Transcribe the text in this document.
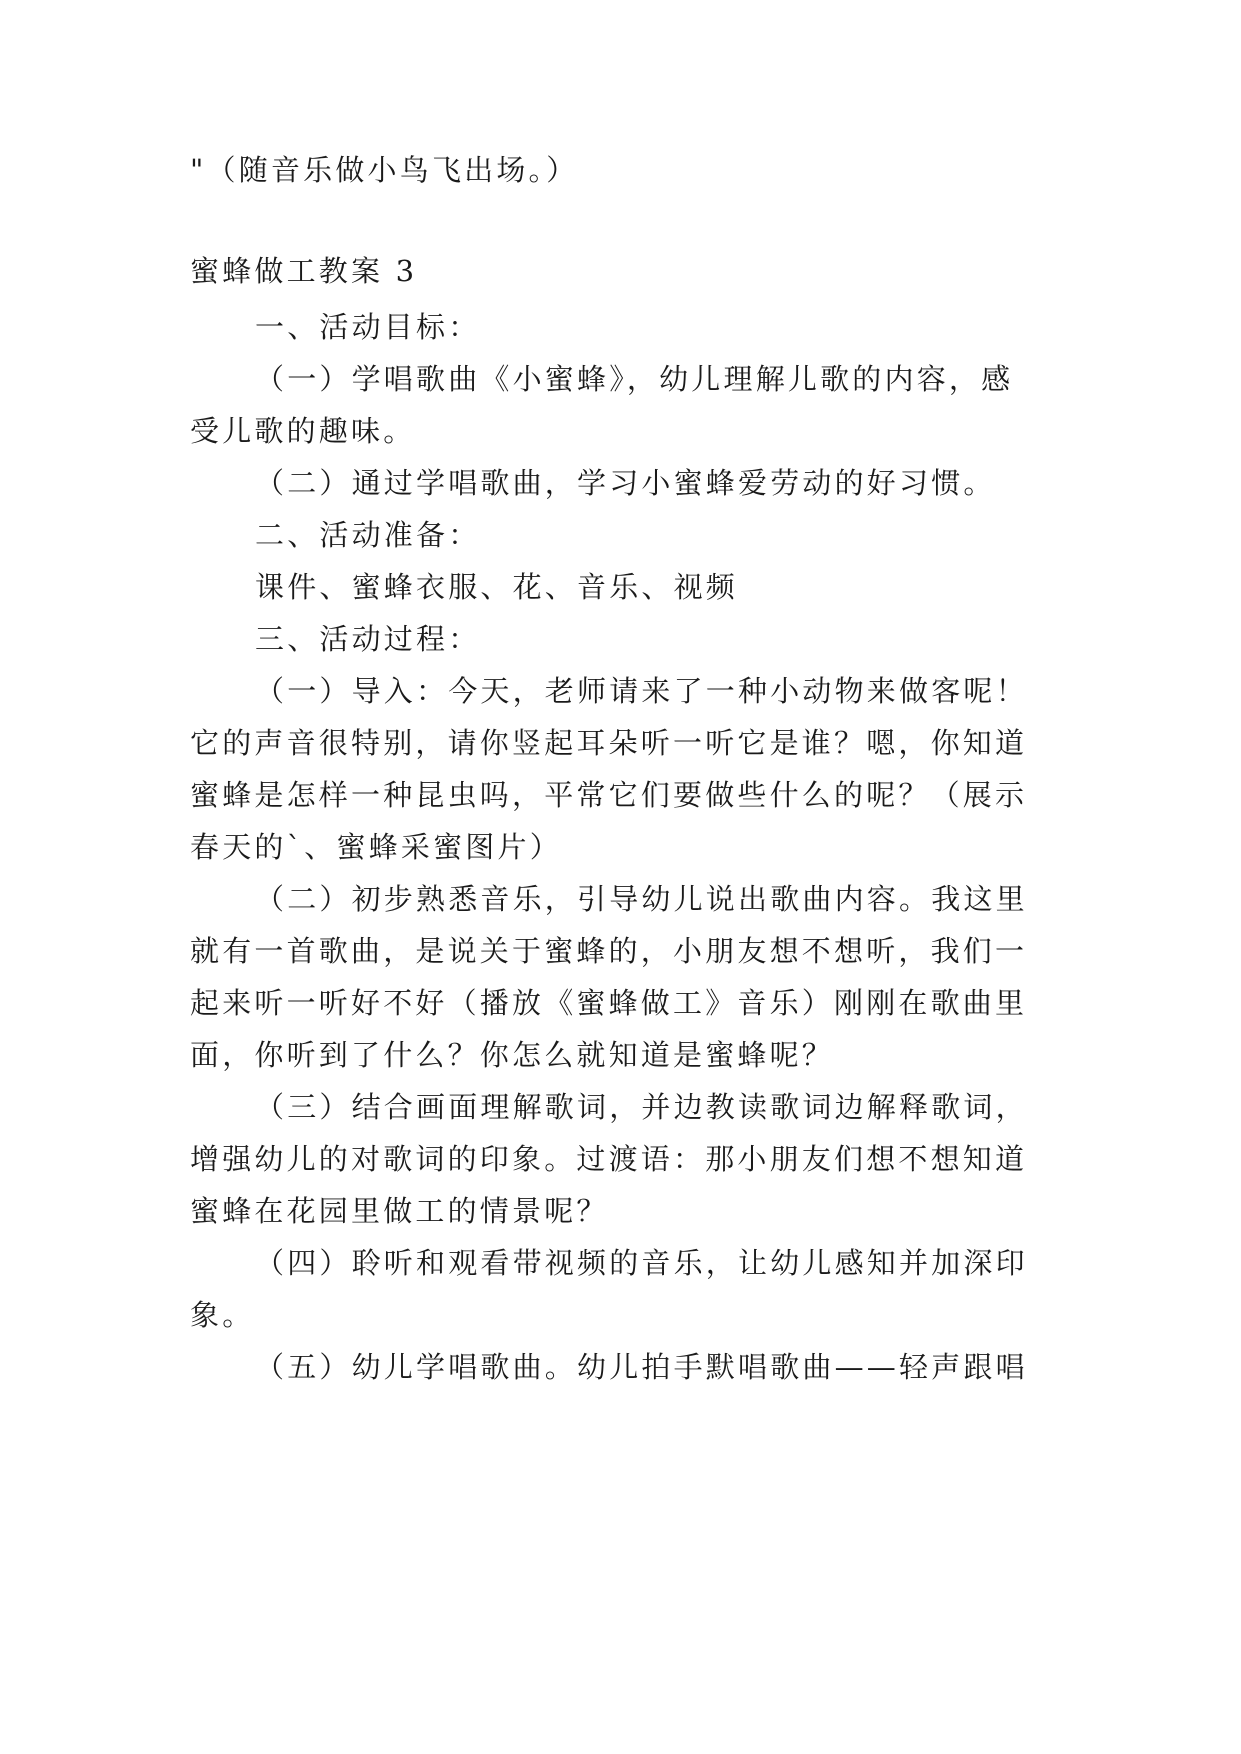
"（随音乐做小鸟飞出场。）
蜜蜂做工教案 3
一、活动目标：
（一）学唱歌曲《小蜜蜂》，幼儿理解儿歌的内容，感
受儿歌的趣味。
（二）通过学唱歌曲，学习小蜜蜂爱劳动的好习惯。
二、活动准备：
课件、蜜蜂衣服、花、音乐、视频
三、活动过程：
（一）导入：今天，老师请来了一种小动物来做客呢！
它的声音很特别，请你竖起耳朵听一听它是谁？嗯，你知道
蜜蜂是怎样一种昆虫吗，平常它们要做些什么的呢？（展示
春天的`、蜜蜂采蜜图片）
（二）初步熟悉音乐，引导幼儿说出歌曲内容。我这里
就有一首歌曲，是说关于蜜蜂的，小朋友想不想听，我们一
起来听一听好不好（播放《蜜蜂做工》音乐）刚刚在歌曲里
面，你听到了什么？你怎么就知道是蜜蜂呢？
（三）结合画面理解歌词，并边教读歌词边解释歌词，
增强幼儿的对歌词的印象。过渡语：那小朋友们想不想知道
蜜蜂在花园里做工的情景呢？
（四）聆听和观看带视频的音乐，让幼儿感知并加深印
象。
（五）幼儿学唱歌曲。幼儿拍手默唱歌曲——轻声跟唱
